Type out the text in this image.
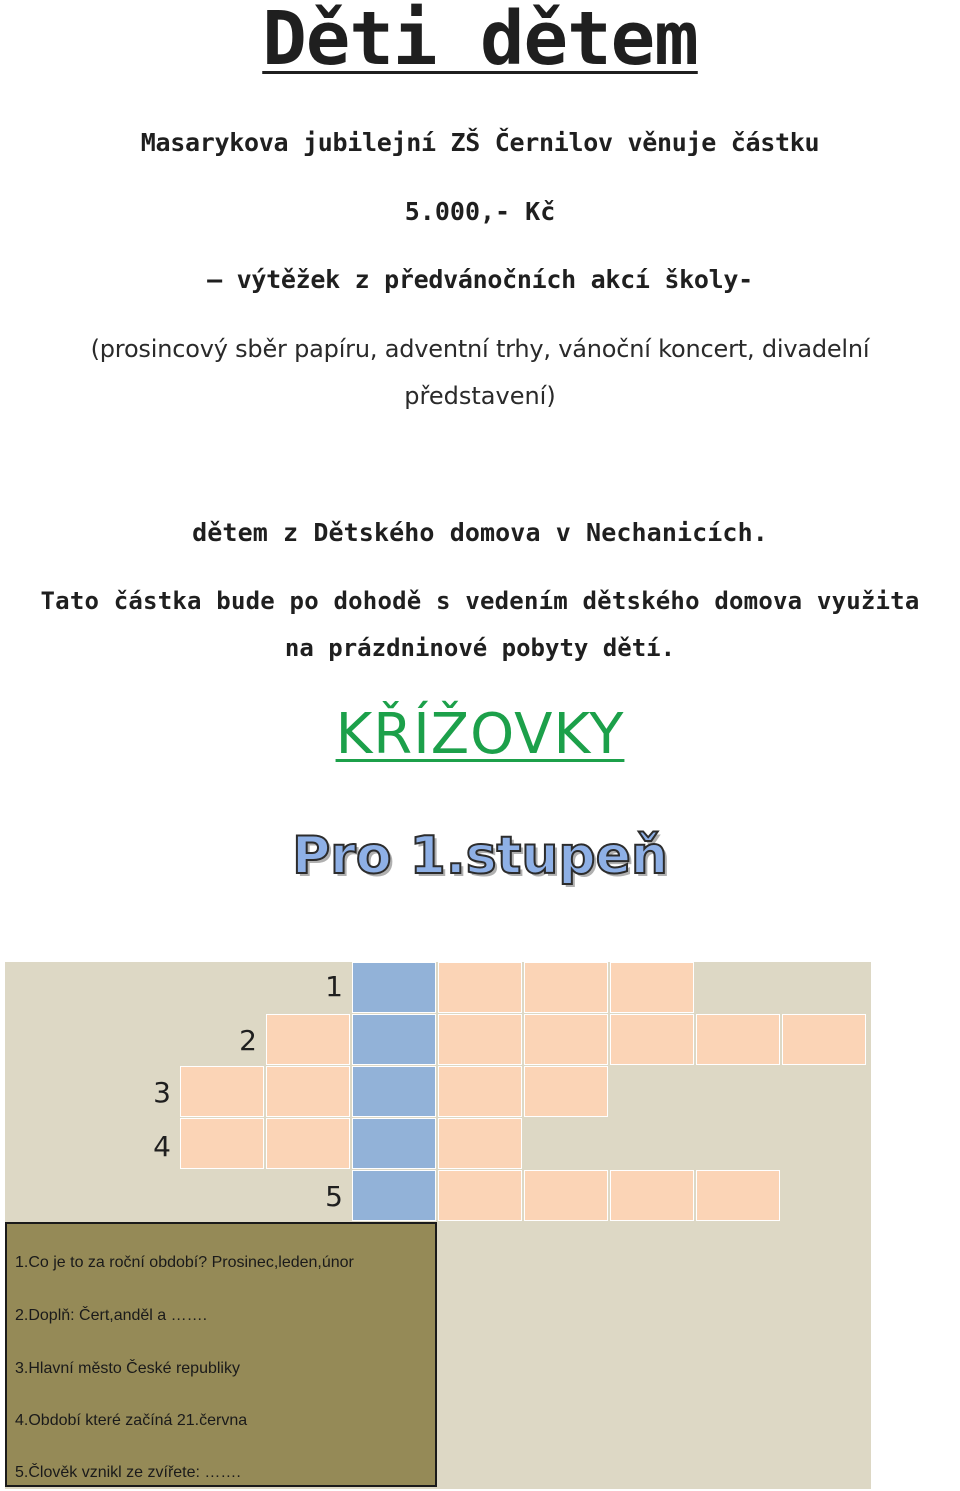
Děti dětem
Masarykova jubilejní ZŠ Černilov věnuje částku
5.000,- Kč
– výtěžek z předvánočních akcí školy-
(prosincový sběr papíru, adventní trhy, vánoční koncert, divadelní
představení)
dětem z Dětského domova v Nechanicích.
Tato částka bude po dohodě s vedením dětského domova využita
na prázdninové pobyty dětí.
KŘÍŽOVKY
Pro 1.stupeň
1
2
3
4
5
1.Co je to za roční období? Prosinec,leden,únor
2.Doplň: Čert,anděl a …….
3.Hlavní město České republiky
4.Období které začíná 21.června
5.Člověk vznikl ze zvířete: …….
